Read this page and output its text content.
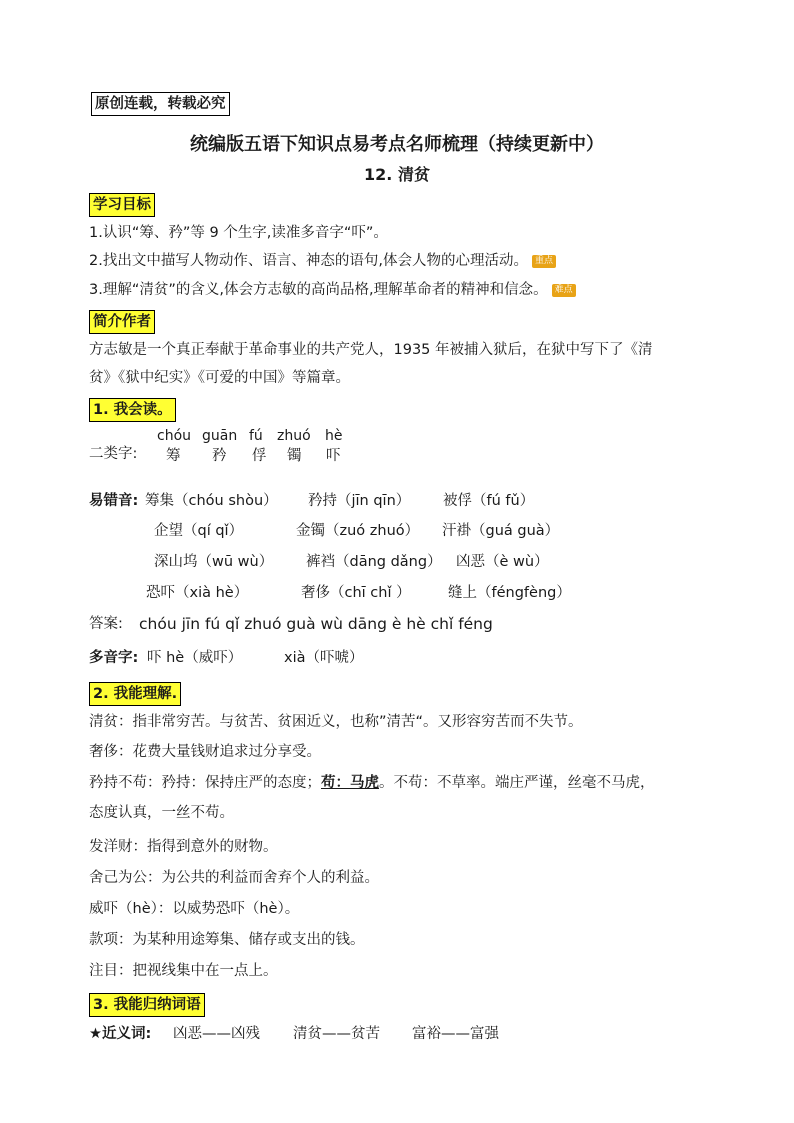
原创连载，转载必究
统编版五语下知识点易考点名师梳理（持续更新中）
12. 清贫
学习目标
1.认识“筹、矜”等 9 个生字,读准多音字“吓”。
2.找出文中描写人物动作、语言、神态的语句,体会人物的心理活动。 重点
3.理解“清贫”的含义,体会方志敏的高尚品格,理解革命者的精神和信念。 难点
简介作者
方志敏是一个真正奉献于革命事业的共产党人，1935 年被捕入狱后，在狱中写下了《清
贫》《狱中纪实》《可爱的中国》等篇章。
1. 我会读。
chóu guān fú zhuó hè
二类字: 筹 矜 俘 镯 吓
易错音: 筹集（chóu shòu） 矜持（jīn qīn） 被俘（fú fǔ）
企望（qí qǐ）	金镯（zuó zhuó） 汗褂（guá guà）
深山坞（wū wù） 裤裆（dāng dǎng） 凶恶（è wù）
恐吓（xià hè）	奢侈（chī chǐ ）	缝上（féngfèng）
答案: chóu jīn fú qǐ zhuó guà wù dāng è hè chǐ féng
多音字: 吓 hè（威吓）	xià（吓唬）
2. 我能理解.
清贫：指非常穷苦。与贫苦、贫困近义，也称”清苦“。又形容穷苦而不失节。
奢侈：花费大量钱财追求过分享受。
矜持不苟：矜持：保持庄严的态度；苟：马虎。不苟：不草率。端庄严谨，丝毫不马虎，
态度认真，一丝不苟。
发洋财：指得到意外的财物。
舍己为公：为公共的利益而舍弃个人的利益。
威吓（hè）：以威势恐吓（hè）。
款项：为某种用途筹集、储存或支出的钱。
注目：把视线集中在一点上。
3. 我能归纳词语
★近义词: 凶恶——凶残 清贫——贫苦 富裕——富强
